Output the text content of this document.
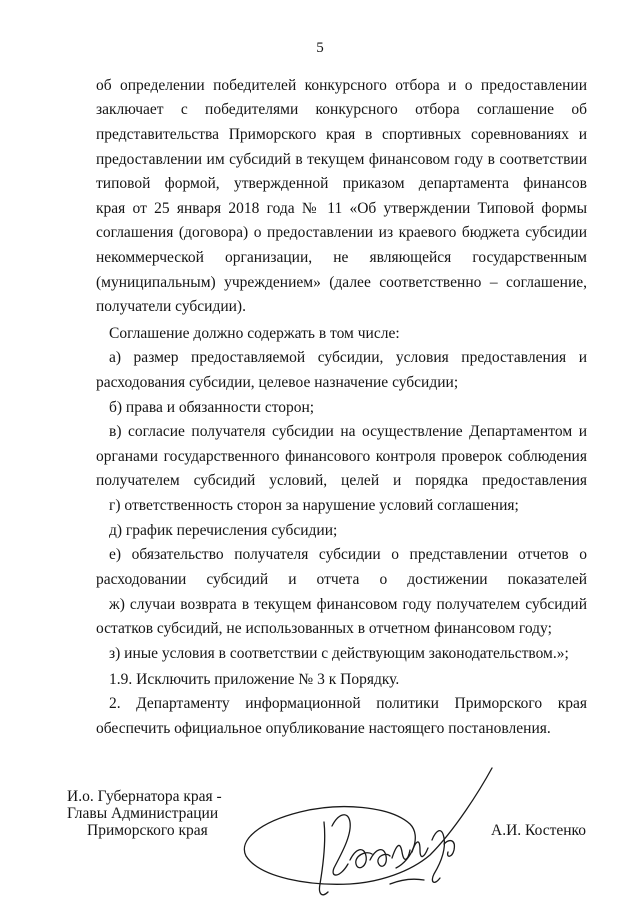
5
об определении победителей конкурсного отбора и о предоставлении
заключает с победителями конкурсного отбора соглашение об
представительства Приморского края в спортивных соревнованиях и
предоставлении им субсидий в текущем финансовом году в соответствии
типовой формой, утвержденной приказом департамента финансов
края от 25 января 2018 года № 11 «Об утверждении Типовой формы
соглашения (договора) о предоставлении из краевого бюджета субсидии
некоммерческой организации, не являющейся государственным
(муниципальным) учреждением» (далее соответственно – соглашение,
получатели субсидии).
Соглашение должно содержать в том числе:
а) размер предоставляемой субсидии, условия предоставления и
расходования субсидии, целевое назначение субсидии;
б) права и обязанности сторон;
в) согласие получателя субсидии на осуществление Департаментом и
органами государственного финансового контроля проверок соблюдения
получателем субсидий условий, целей и порядка предоставления
г) ответственность сторон за нарушение условий соглашения;
д) график перечисления субсидии;
е) обязательство получателя субсидии о представлении отчетов о
расходовании субсидий и отчета о достижении показателей
ж) случаи возврата в текущем финансовом году получателем субсидий
остатков субсидий, не использованных в отчетном финансовом году;
з) иные условия в соответствии с действующим законодательством.»;
1.9. Исключить приложение № 3 к Порядку.
2. Департаменту информационной политики Приморского края
обеспечить официальное опубликование настоящего постановления.
И.о. Губернатора края -
Главы Администрации
Приморского края	А.И. Костенко
